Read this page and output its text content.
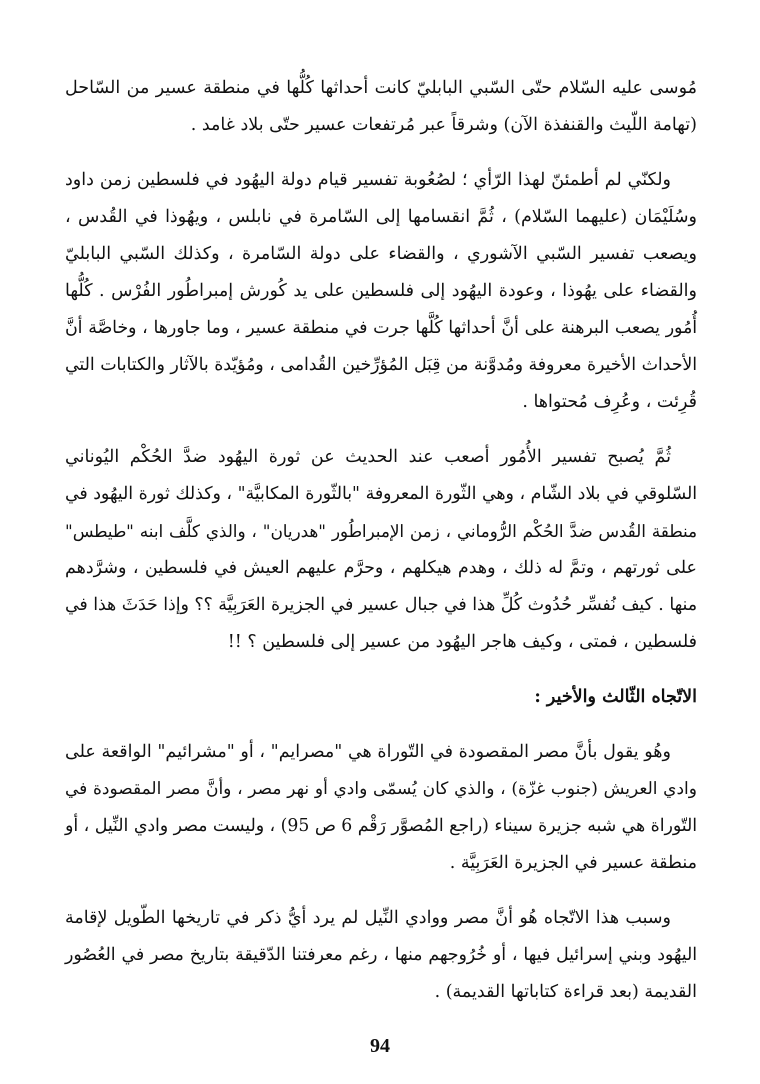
مُوسى عليه السّلام حتّى السّبي البابليّ كانت أحداثها كُلُّها في منطقة عسير من السّاحل
(تهامة اللّيث والقنفذة الآن) وشرقاً عبر مُرتفعات عسير حتّى بلاد غامد .
ولكنّي لم أطمئنّ لهذا الرّأي ؛ لصُعُوبة تفسير قيام دولة اليهُود في فلسطين زمن داود
وسُلَيْمَان (عليهما السّلام) ، ثُمَّ انقسامها إلى السّامرة في نابلس ، ويهُوذا في القُدس ،
ويصعب تفسير السّبي الآشوري ، والقضاء على دولة السّامرة ، وكذلك السّبي البابليّ
والقضاء على يهُوذا ، وعودة اليهُود إلى فلسطين على يد كُورش إمبراطُور الفُرْس . كُلُّها
أُمُور يصعب البرهنة على أنَّ أحداثها كُلَّها جرت في منطقة عسير ، وما جاورها ، وخاصَّة أنَّ
الأحداث الأخيرة معروفة ومُدوَّنة من قِبَل المُؤرِّخين القُدامى ، ومُؤيّدة بالآثار والكتابات التي
قُرِئت ، وعُرِف مُحتواها .
ثُمَّ يُصبح تفسير الأُمُور أصعب عند الحديث عن ثورة اليهُود ضدَّ الحُكْم اليُوناني
السّلوقي في بلاد الشّام ، وهي الثّورة المعروفة "بالثّورة المكابيَّة" ، وكذلك ثورة اليهُود في
منطقة القُدس ضدَّ الحُكْم الرُّوماني ، زمن الإمبراطُور "هدريان" ، والذي كلَّف ابنه "طيطس"
على ثورتهم ، وتمَّ له ذلك ، وهدم هيكلهم ، وحرَّم عليهم العيش في فلسطين ، وشرَّدهم
منها . كيف نُفسِّر حُدُوث كُلِّ هذا في جبال عسير في الجزيرة العَرَبِيَّة ؟؟ وإذا حَدَثَ هذا في
فلسطين ، فمتى ، وكيف هاجر اليهُود من عسير إلى فلسطين ؟ !!
الاتّجاه الثّالث والأخير :
وهُو يقول بأنَّ مصر المقصودة في التّوراة هي "مصرايم" ، أو "مشرائيم" الواقعة على
وادي العريش (جنوب غزّة) ، والذي كان يُسمّى وادي أو نهر مصر ، وأنَّ مصر المقصودة في
التّوراة هي شبه جزيرة سيناء (راجع المُصوَّر رَقْم 6 ص 95) ، وليست مصر وادي النِّيل ، أو
منطقة عسير في الجزيرة العَرَبِيَّة .
وسبب هذا الاتّجاه هُو أنَّ مصر ووادي النِّيل لم يرد أيُّ ذكر في تاريخها الطّويل لإقامة
اليهُود وبني إسرائيل فيها ، أو خُرُوجهم منها ، رغم معرفتنا الدّقيقة بتاريخ مصر في العُصُور
القديمة (بعد قراءة كتاباتها القديمة) .
94
